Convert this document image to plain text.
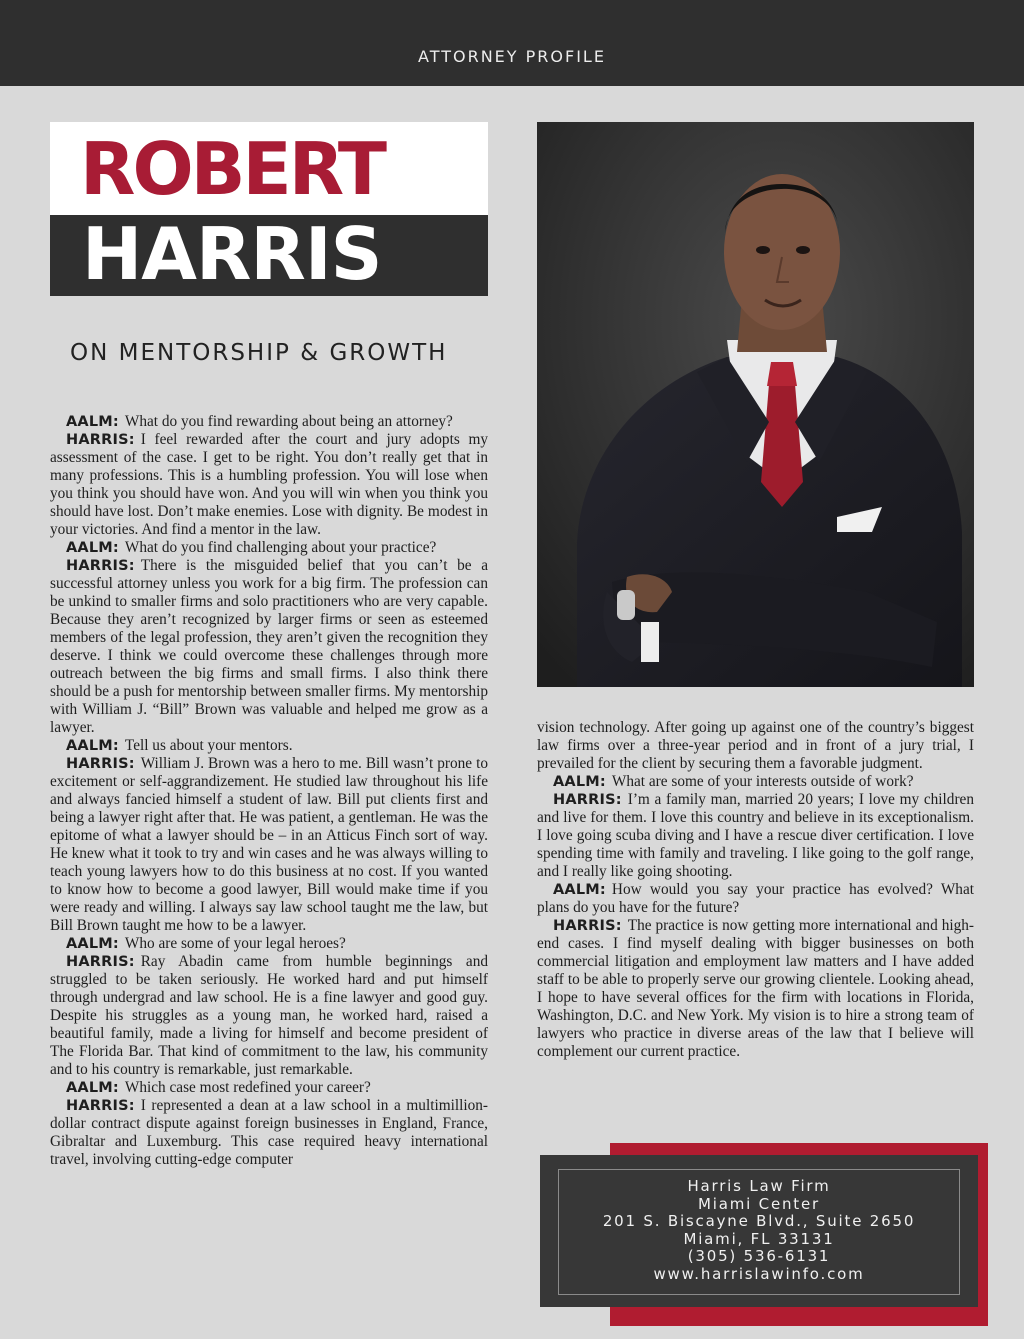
ATTORNEY PROFILE
ROBERT
HARRIS
ON MENTORSHIP & GROWTH

AALM: What do you find rewarding about being an attorney?

HARRIS: I feel rewarded after the court and jury adopts my assessment of the case. I get to be right. You don’t really get that in many professions. This is a humbling profession. You will lose when you think you should have won. And you will win when you think you should have lost. Don’t make enemies. Lose with dignity. Be modest in your victories. And find a mentor in the law.

AALM: What do you find challenging about your practice?

HARRIS: There is the misguided belief that you can’t be a successful attorney unless you work for a big firm. The profession can be unkind to smaller firms and solo practitioners who are very capable. Because they aren’t recognized by larger firms or seen as esteemed members of the legal profession, they aren’t given the recognition they deserve. I think we could overcome these challenges through more outreach between the big firms and small firms. I also think there should be a push for mentorship between smaller firms. My mentorship with William J. “Bill” Brown was valuable and helped me grow as a lawyer.

AALM: Tell us about your mentors.

HARRIS: William J. Brown was a hero to me. Bill wasn’t prone to excitement or self-aggrandizement. He studied law throughout his life and always fancied himself a student of law. Bill put clients first and being a lawyer right after that. He was patient, a gentleman. He was the epitome of what a lawyer should be – in an Atticus Finch sort of way. He knew what it took to try and win cases and he was always willing to teach young lawyers how to do this business at no cost. If you wanted to know how to become a good lawyer, Bill would make time if you were ready and willing. I always say law school taught me the law, but Bill Brown taught me how to be a lawyer.

AALM: Who are some of your legal heroes?

HARRIS: Ray Abadin came from humble beginnings and struggled to be taken seriously. He worked hard and put himself through undergrad and law school. He is a fine lawyer and good guy. Despite his struggles as a young man, he worked hard, raised a beautiful family, made a living for himself and become president of The Florida Bar. That kind of commitment to the law, his community and to his country is remarkable, just remarkable.

AALM: Which case most redefined your career?

HARRIS: I represented a dean at a law school in a multimillion-dollar contract dispute against foreign businesses in England, France, Gibraltar and Luxemburg. This case required heavy international travel, involving cutting-edge computer

vision technology. After going up against one of the country’s biggest law firms over a three-year period and in front of a jury trial, I prevailed for the client by securing them a favorable judgment.

AALM: What are some of your interests outside of work?

HARRIS: I’m a family man, married 20 years; I love my children and live for them. I love this country and believe in its exceptionalism. I love going scuba diving and I have a rescue diver certification. I love spending time with family and traveling. I like going to the golf range, and I really like going shooting.

AALM: How would you say your practice has evolved? What plans do you have for the future?

HARRIS: The practice is now getting more international and high-end cases. I find myself dealing with bigger businesses on both commercial litigation and employment law matters and I have added staff to be able to properly serve our growing clientele. Looking ahead, I hope to have several offices for the firm with locations in Florida, Washington, D.C. and New York. My vision is to hire a strong team of lawyers who practice in diverse areas of the law that I believe will complement our current practice.

Harris Law Firm
Miami Center
201 S. Biscayne Blvd., Suite 2650
Miami, FL 33131
(305) 536-6131
www.harrislawinfo.com
